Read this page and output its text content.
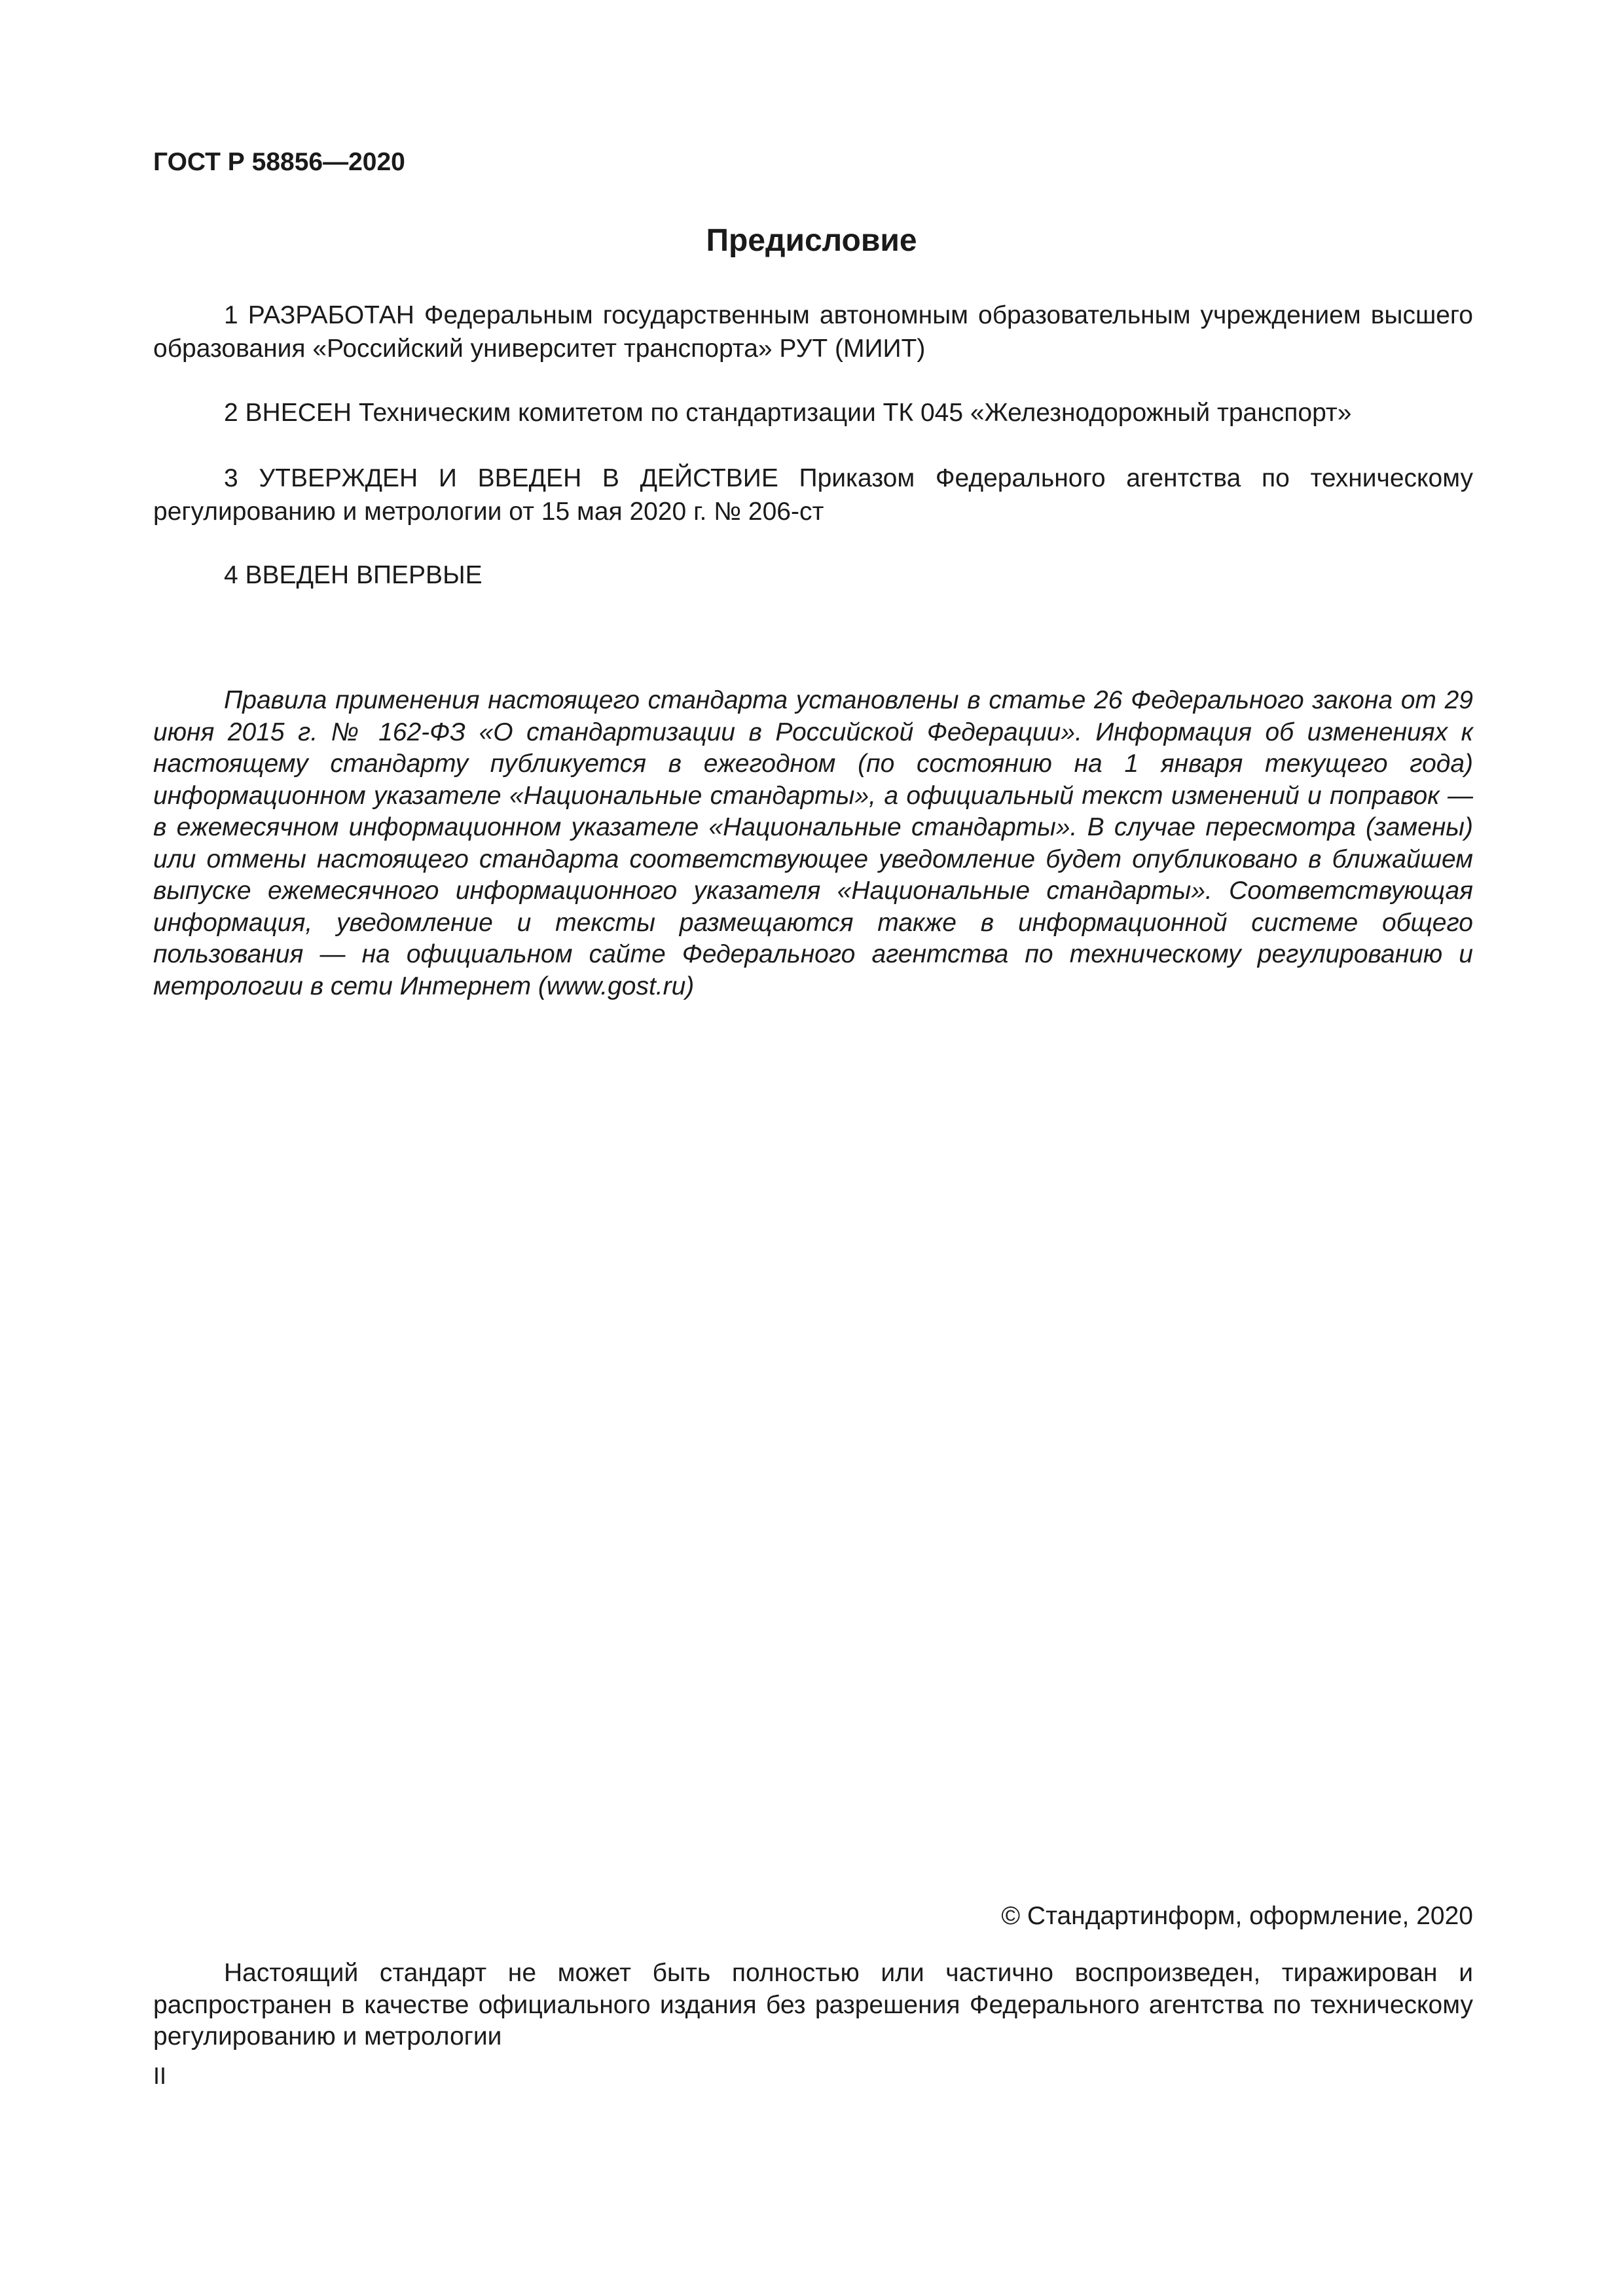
ГОСТ Р 58856—2020

Предисловие

1 РАЗРАБОТАН Федеральным государственным автономным образовательным учреждением высшего образования «Российский университет транспорта» РУТ (МИИТ)

2 ВНЕСЕН Техническим комитетом по стандартизации ТК 045 «Железнодорожный транспорт»

3 УТВЕРЖДЕН И ВВЕДЕН В ДЕЙСТВИЕ Приказом Федерального агентства по техническому регулированию и метрологии от 15 мая 2020 г. № 206-ст

4 ВВЕДЕН ВПЕРВЫЕ

Правила применения настоящего стандарта установлены в статье 26 Федерального закона от 29 июня 2015 г. № 162-ФЗ «О стандартизации в Российской Федерации». Информация об изменениях к настоящему стандарту публикуется в ежегодном (по состоянию на 1 января текущего года) информационном указателе «Национальные стандарты», а официальный текст изменений и поправок — в ежемесячном информационном указателе «Национальные стандарты». В случае пересмотра (замены) или отмены настоящего стандарта соответствующее уведомление будет опубликовано в ближайшем выпуске ежемесячного информационного указателя «Национальные стандарты». Соответствующая информация, уведомление и тексты размещаются также в информационной системе общего пользования — на официальном сайте Федерального агентства по техническому регулированию и метрологии в сети Интернет (www.gost.ru)

© Стандартинформ, оформление, 2020

Настоящий стандарт не может быть полностью или частично воспроизведен, тиражирован и распространен в качестве официального издания без разрешения Федерального агентства по техническому регулированию и метрологии

II
